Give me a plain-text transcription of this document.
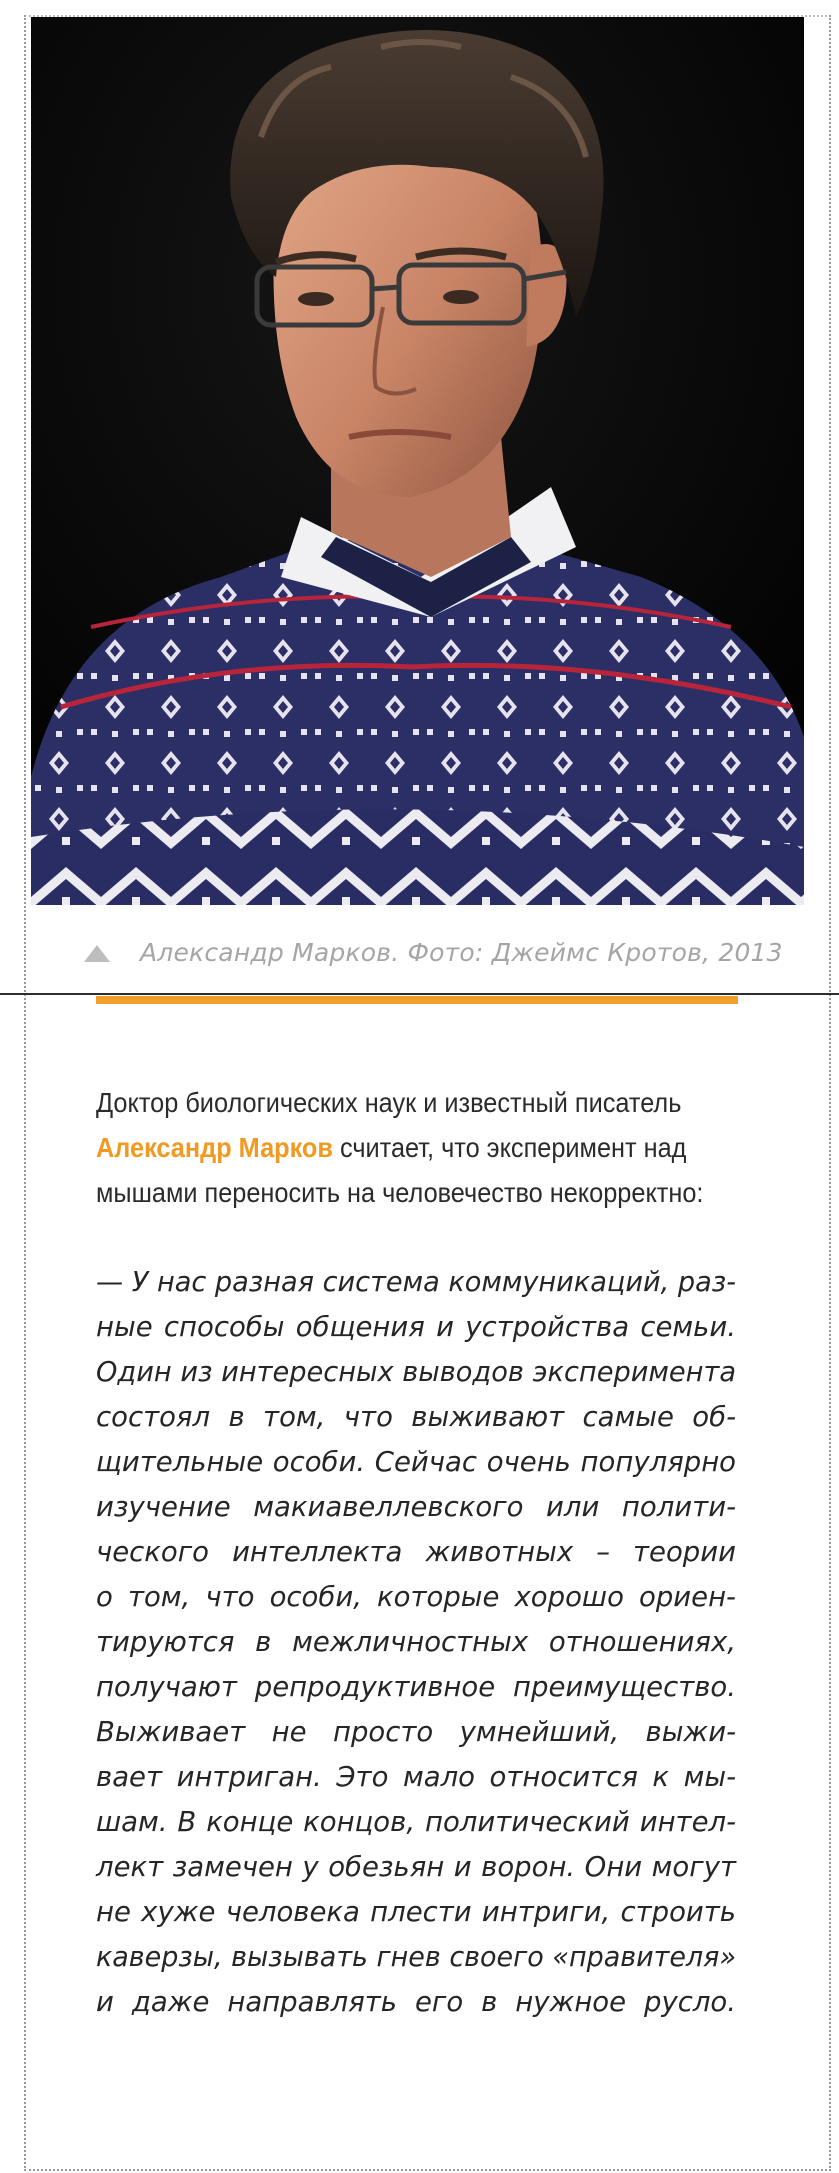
Александр Марков. Фото: Джеймс Кротов, 2013
Доктор биологических наук и известный писатель
Александр Марков считает, что эксперимент над мышами переносить на человечество некорректно:
— У нас разная система коммуникаций, раз-
ные способы общения и устройства семьи.
Один из интересных выводов эксперимента
состоял в том, что выживают самые об-
щительные особи. Сейчас очень популярно
изучение макиавеллевского или полити-
ческого интеллекта животных – теории
о том, что особи, которые хорошо ориен-
тируются в межличностных отношениях,
получают репродуктивное преимущество.
Выживает не просто умнейший, выжи-
вает интриган. Это мало относится к мы-
шам. В конце концов, политический интел-
лект замечен у обезьян и ворон. Они могут
не хуже человека плести интриги, строить
каверзы, вызывать гнев своего «правителя»
и даже направлять его в нужное русло.
